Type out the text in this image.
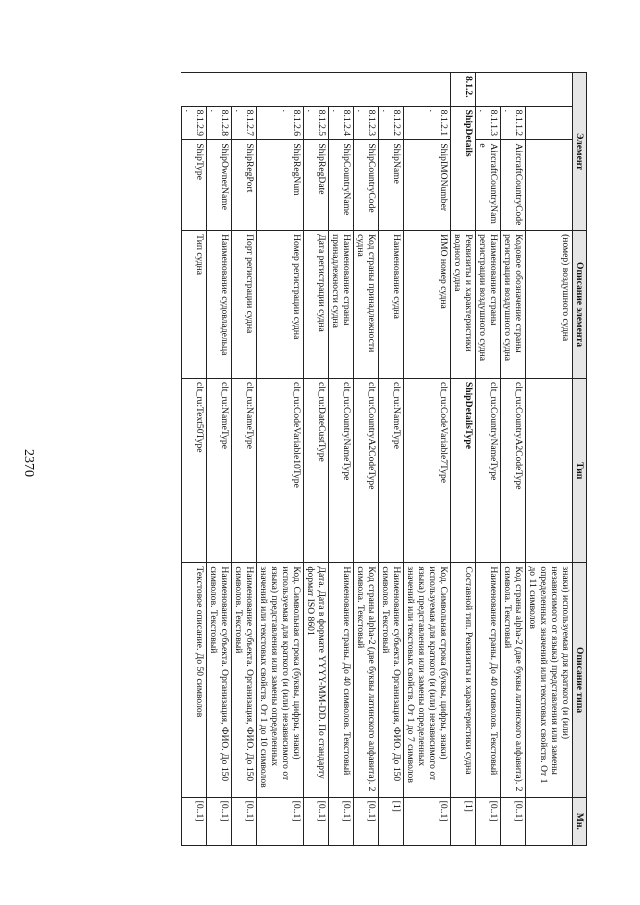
2370
Элемент			Описание элемента	Тип	Описание типа	Мн.
			(номер) воздушного судна		знаки) используемая для краткого (и (или) независимого от языка) представления или замены определенных значений или текстовых свойств. От 1 до 11 символов	
	8.1.1.2.	AircraftCountryCode	Кодовое обозначение страны регистрации воздушного судна	clt_ru:CountryA2CodeType	Код страны alpha-2 (две буквы латинского алфавита). 2 символа. Текстовый	[0..1]
	8.1.1.3.	AircraftCountryName	Наименование страны регистрации воздушного судна	clt_ru:CountryNameType	Наименование страны. До 40 символов. Текстовый	[0..1]
8.1.2.	ShipDetails		Реквизиты и характеристики водного судна	ShipDetailsType	Составной тип. Реквизиты и характеристики судна	[1]
	8.1.2.1.	ShipIMONumber	ИМО номер судна	clt_ru:CodeVariable7Type	Код. Символьная строка (буквы, цифры, знаки) используемая для краткого (и (или) независимого от языка) представления или замены определенных значений или текстовых свойств. От 1 до 7 символов	[0..1]
	8.1.2.2.	ShipName	Наименование судна	clt_ru:NameType	Наименование субъекта. Организация, ФИО. До 150 символов. Текстовый	[1]
	8.1.2.3.	ShipCountryCode	Код страны принадлежности судна	clt_ru:CountryA2CodeType	Код страны alpha-2 (две буквы латинского алфавита). 2 символа. Текстовый	[0..1]
	8.1.2.4.	ShipCountryName	Наименование страны принадлежности судна	clt_ru:CountryNameType	Наименование страны. До 40 символов. Текстовый	[0..1]
	8.1.2.5.	ShipRegDate	Дата регистрации судна	clt_ru:DateCustType	Дата. Дата в формате YYYY-MM-DD. По стандарту формат ISO 8601	[0..1]
	8.1.2.6.	ShipRegNum	Номер регистрации судна	clt_ru:CodeVariable10Type	Код. Символьная строка (буквы, цифры, знаки) используемая для краткого (и (или) независимого от языка) представления или замены определенных значений или текстовых свойств. От 1 до 10 символов	[0..1]
	8.1.2.7.	ShipRegPort	Порт регистрации судна	clt_ru:NameType	Наименование субъекта. Организация, ФИО. До 150 символов. Текстовый	[0..1]
	8.1.2.8.	ShipOwnerName	Наименование судовладельца	clt_ru:NameType	Наименование субъекта. Организация, ФИО. До 150 символов. Текстовый	[0..1]
	8.1.2.9.	ShipType	Тип судна	clt_ru:Text50Type	Текстовое описание. До 50 символов	[0..1]
